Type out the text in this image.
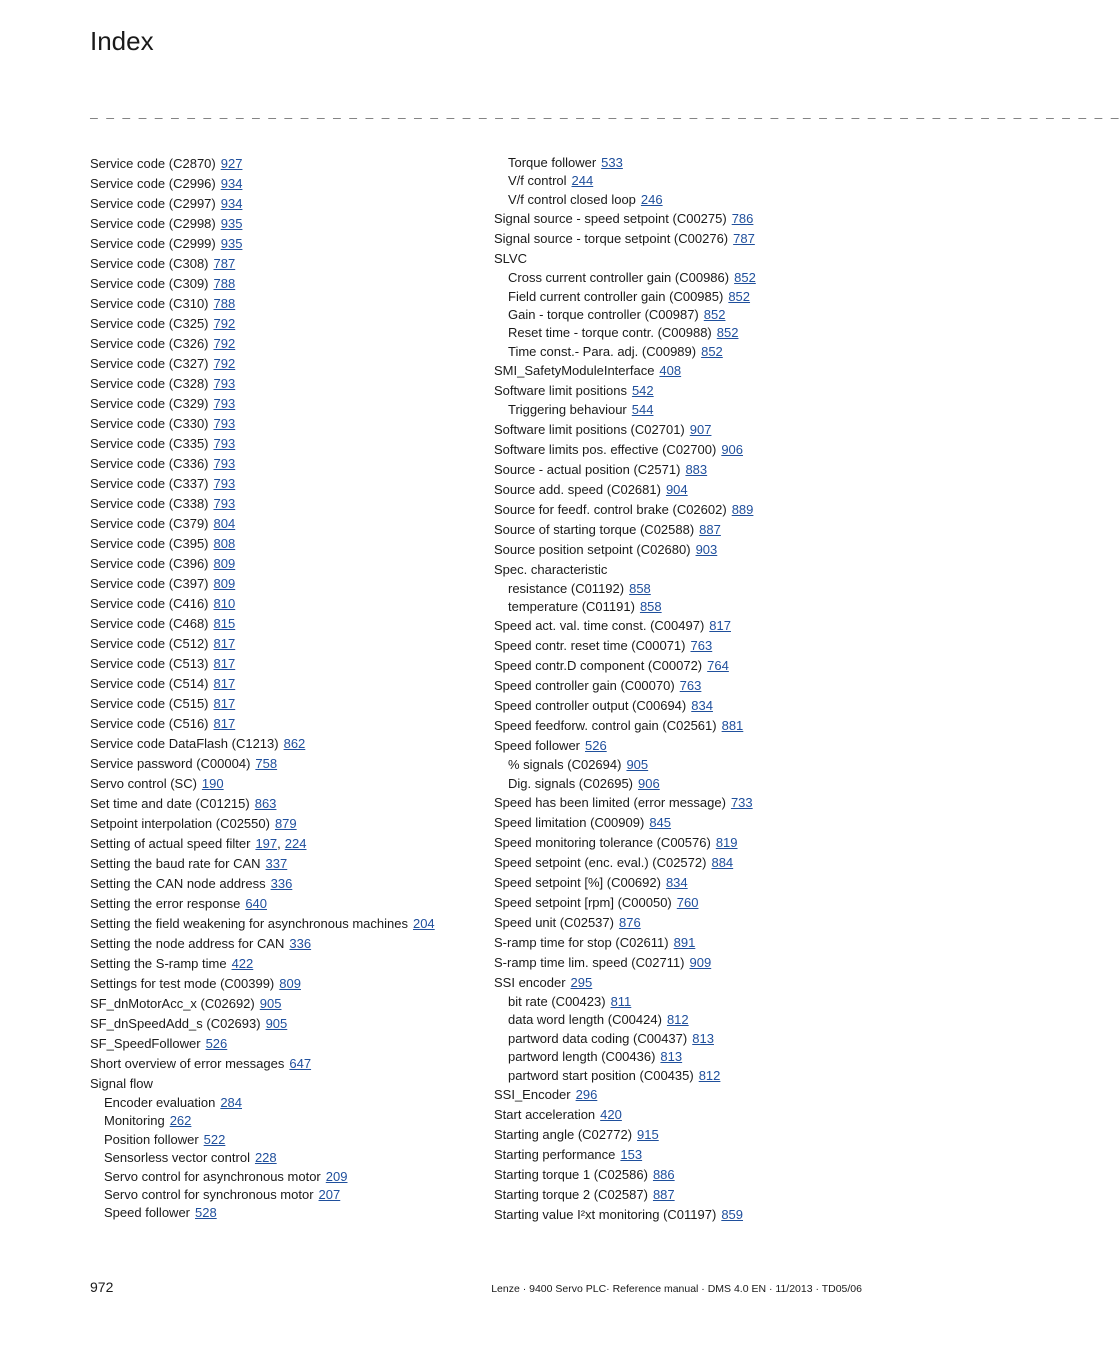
Index
_ _ _ _ _ _ _ _ _ _ _ _ _ _ _ _ _ _ _ _ _ _ _ _ _ _ _ _ _ _ _ _ _ _ _ _ _ _ _ _ _ _ _ _ _ _ _ _ _ _ _ _ _ _ _ _ _ _ _ _ _ _ _ _
Service code (C2870) 927
Service code (C2996) 934
Service code (C2997) 934
Service code (C2998) 935
Service code (C2999) 935
Service code (C308) 787
Service code (C309) 788
Service code (C310) 788
Service code (C325) 792
Service code (C326) 792
Service code (C327) 792
Service code (C328) 793
Service code (C329) 793
Service code (C330) 793
Service code (C335) 793
Service code (C336) 793
Service code (C337) 793
Service code (C338) 793
Service code (C379) 804
Service code (C395) 808
Service code (C396) 809
Service code (C397) 809
Service code (C416) 810
Service code (C468) 815
Service code (C512) 817
Service code (C513) 817
Service code (C514) 817
Service code (C515) 817
Service code (C516) 817
Service code DataFlash (C1213) 862
Service password (C00004) 758
Servo control (SC) 190
Set time and date (C01215) 863
Setpoint interpolation (C02550) 879
Setting of actual speed filter 197, 224
Setting the baud rate for CAN 337
Setting the CAN node address 336
Setting the error response 640
Setting the field weakening for asynchronous machines 204
Setting the node address for CAN 336
Setting the S-ramp time 422
Settings for test mode (C00399) 809
SF_dnMotorAcc_x (C02692) 905
SF_dnSpeedAdd_s (C02693) 905
SF_SpeedFollower 526
Short overview of error messages 647
Signal flow
Encoder evaluation 284
Monitoring 262
Position follower 522
Sensorless vector control 228
Servo control for asynchronous motor 209
Servo control for synchronous motor 207
Speed follower 528
Torque follower 533
V/f control 244
V/f control closed loop 246
Signal source - speed setpoint (C00275) 786
Signal source - torque setpoint (C00276) 787
SLVC
Cross current controller gain (C00986) 852
Field current controller gain (C00985) 852
Gain - torque controller (C00987) 852
Reset time - torque contr. (C00988) 852
Time const.- Para. adj. (C00989) 852
SMI_SafetyModuleInterface 408
Software limit positions 542
Triggering behaviour 544
Software limit positions (C02701) 907
Software limits pos. effective (C02700) 906
Source - actual position (C2571) 883
Source add. speed (C02681) 904
Source for feedf. control brake (C02602) 889
Source of starting torque (C02588) 887
Source position setpoint (C02680) 903
Spec. characteristic
resistance (C01192) 858
temperature (C01191) 858
Speed act. val. time const. (C00497) 817
Speed contr. reset time (C00071) 763
Speed contr.D component (C00072) 764
Speed controller gain (C00070) 763
Speed controller output (C00694) 834
Speed feedforw. control gain (C02561) 881
Speed follower 526
% signals (C02694) 905
Dig. signals (C02695) 906
Speed has been limited (error message) 733
Speed limitation (C00909) 845
Speed monitoring tolerance (C00576) 819
Speed setpoint (enc. eval.) (C02572) 884
Speed setpoint [%] (C00692) 834
Speed setpoint [rpm] (C00050) 760
Speed unit (C02537) 876
S-ramp time for stop (C02611) 891
S-ramp time lim. speed (C02711) 909
SSI encoder 295
bit rate (C00423) 811
data word length (C00424) 812
partword data coding (C00437) 813
partword length (C00436) 813
partword start position (C00435) 812
SSI_Encoder 296
Start acceleration 420
Starting angle (C02772) 915
Starting performance 153
Starting torque 1 (C02586) 886
Starting torque 2 (C02587) 887
Starting value I²xt monitoring (C01197) 859
972	Lenze · 9400 Servo PLC· Reference manual · DMS 4.0 EN · 11/2013 · TD05/06
